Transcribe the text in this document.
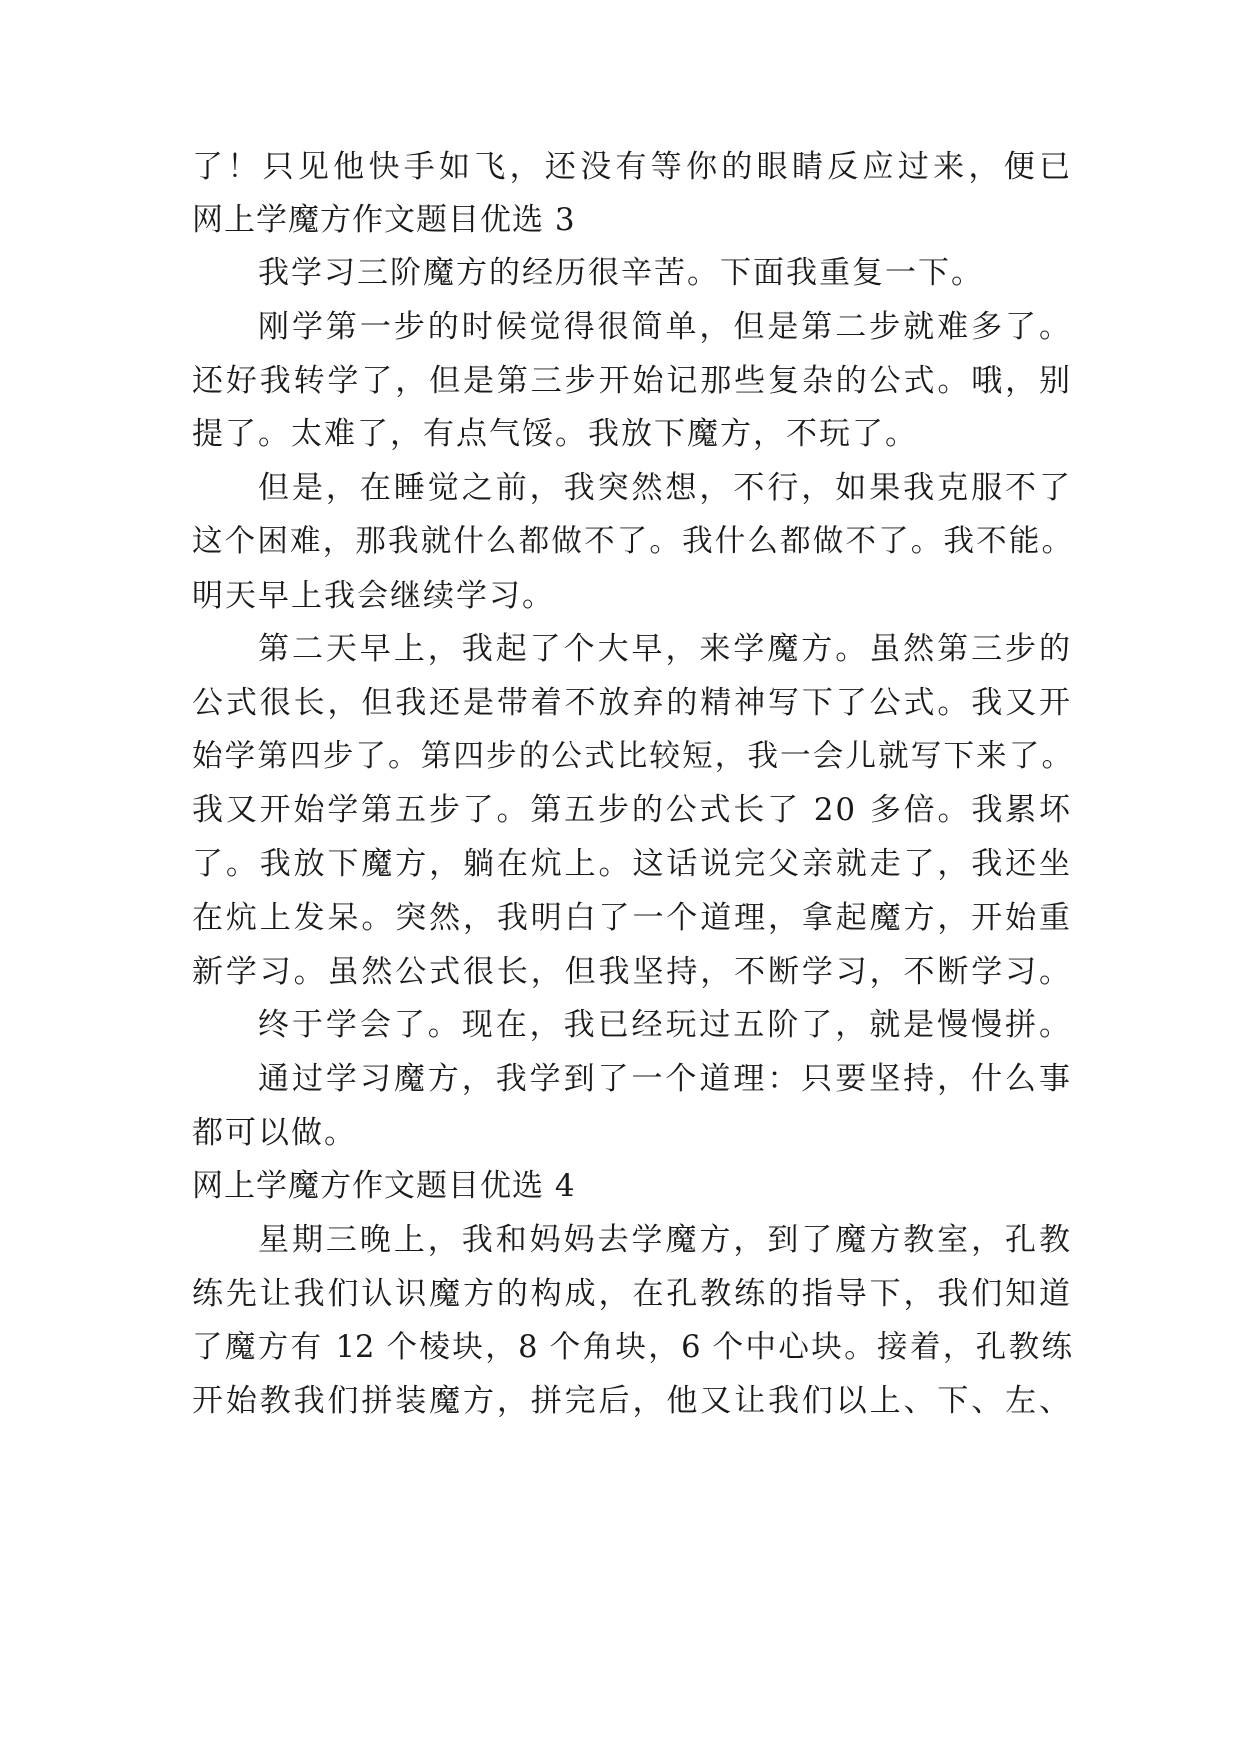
了！只见他快手如飞，还没有等你的眼睛反应过来，便已
网上学魔方作文题目优选 3
我学习三阶魔方的经历很辛苦。下面我重复一下。
刚学第一步的时候觉得很简单，但是第二步就难多了。
还好我转学了，但是第三步开始记那些复杂的公式。哦，别
提了。太难了，有点气馁。我放下魔方，不玩了。
但是，在睡觉之前，我突然想，不行，如果我克服不了
这个困难，那我就什么都做不了。我什么都做不了。我不能。
明天早上我会继续学习。
第二天早上，我起了个大早，来学魔方。虽然第三步的
公式很长，但我还是带着不放弃的精神写下了公式。我又开
始学第四步了。第四步的公式比较短，我一会儿就写下来了。
我又开始学第五步了。第五步的公式长了 20 多倍。我累坏
了。我放下魔方，躺在炕上。这话说完父亲就走了，我还坐
在炕上发呆。突然，我明白了一个道理，拿起魔方，开始重
新学习。虽然公式很长，但我坚持，不断学习，不断学习。
终于学会了。现在，我已经玩过五阶了，就是慢慢拼。
通过学习魔方，我学到了一个道理：只要坚持，什么事
都可以做。
网上学魔方作文题目优选 4
星期三晚上，我和妈妈去学魔方，到了魔方教室，孔教
练先让我们认识魔方的构成，在孔教练的指导下，我们知道
了魔方有 12 个棱块，8 个角块，6 个中心块。接着，孔教练
开始教我们拼装魔方，拼完后，他又让我们以上、下、左、
